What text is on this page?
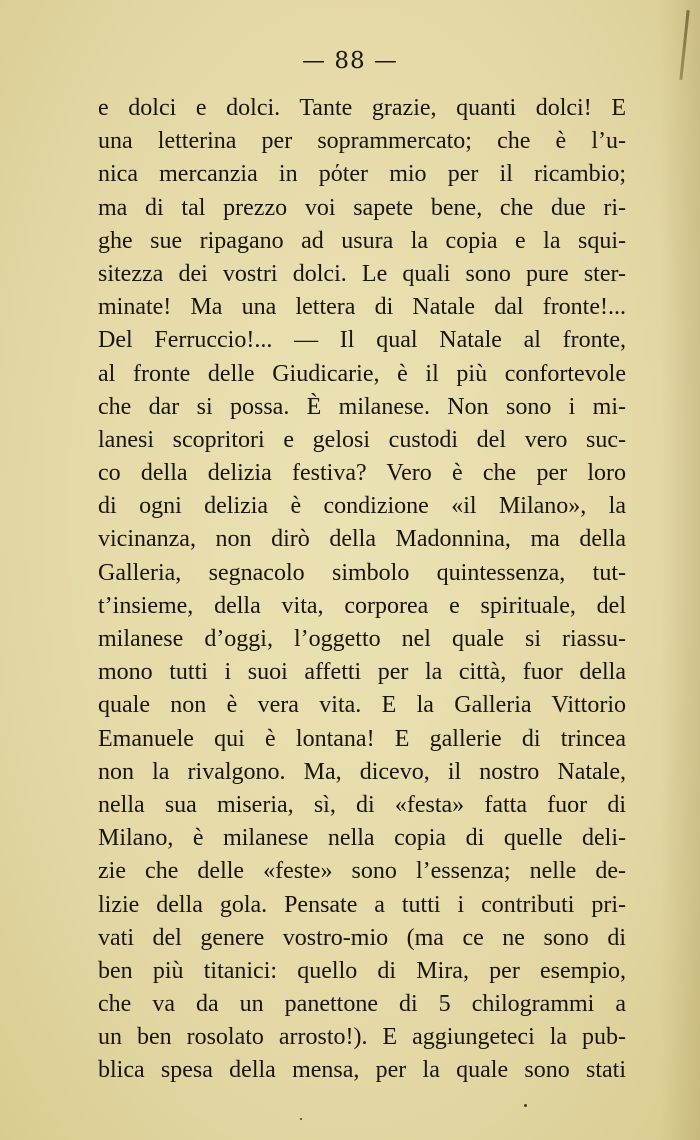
— 88 —
e dolci e dolci. Tante grazie, quanti dolci! E
una letterina per soprammercato; che è l’u-
nica mercanzia in pόter mio per il ricambio;
ma di tal prezzo voi sapete bene, che due ri-
ghe sue ripagano ad usura la copia e la squi-
sitezza dei vostri dolci. Le quali sono pure ster-
minate! Ma una lettera di Natale dal fronte!...
Del Ferruccio!... — Il qual Natale al fronte,
al fronte delle Giudicarie, è il più confortevole
che dar si possa. È milanese. Non sono i mi-
lanesi scopritori e gelosi custodi del vero suc-
co della delizia festiva? Vero è che per loro
di ogni delizia è condizione «il Milano», la
vicinanza, non dirò della Madonnina, ma della
Galleria, segnacolo simbolo quintessenza, tut-
t’insieme, della vita, corporea e spirituale, del
milanese d’oggi, l’oggetto nel quale si riassu-
mono tutti i suoi affetti per la città, fuor della
quale non è vera vita. E la Galleria Vittorio
Emanuele qui è lontana! E gallerie di trincea
non la rivalgono. Ma, dicevo, il nostro Natale,
nella sua miseria, sì, di «festa» fatta fuor di
Milano, è milanese nella copia di quelle deli-
zie che delle «feste» sono l’essenza; nelle de-
lizie della gola. Pensate a tutti i contributi pri-
vati del genere vostro-mio (ma ce ne sono di
ben più titanici: quello di Mira, per esempio,
che va da un panettone di 5 chilogrammi a
un ben rosolato arrosto!). E aggiungeteci la pub-
blica spesa della mensa, per la quale sono stati
